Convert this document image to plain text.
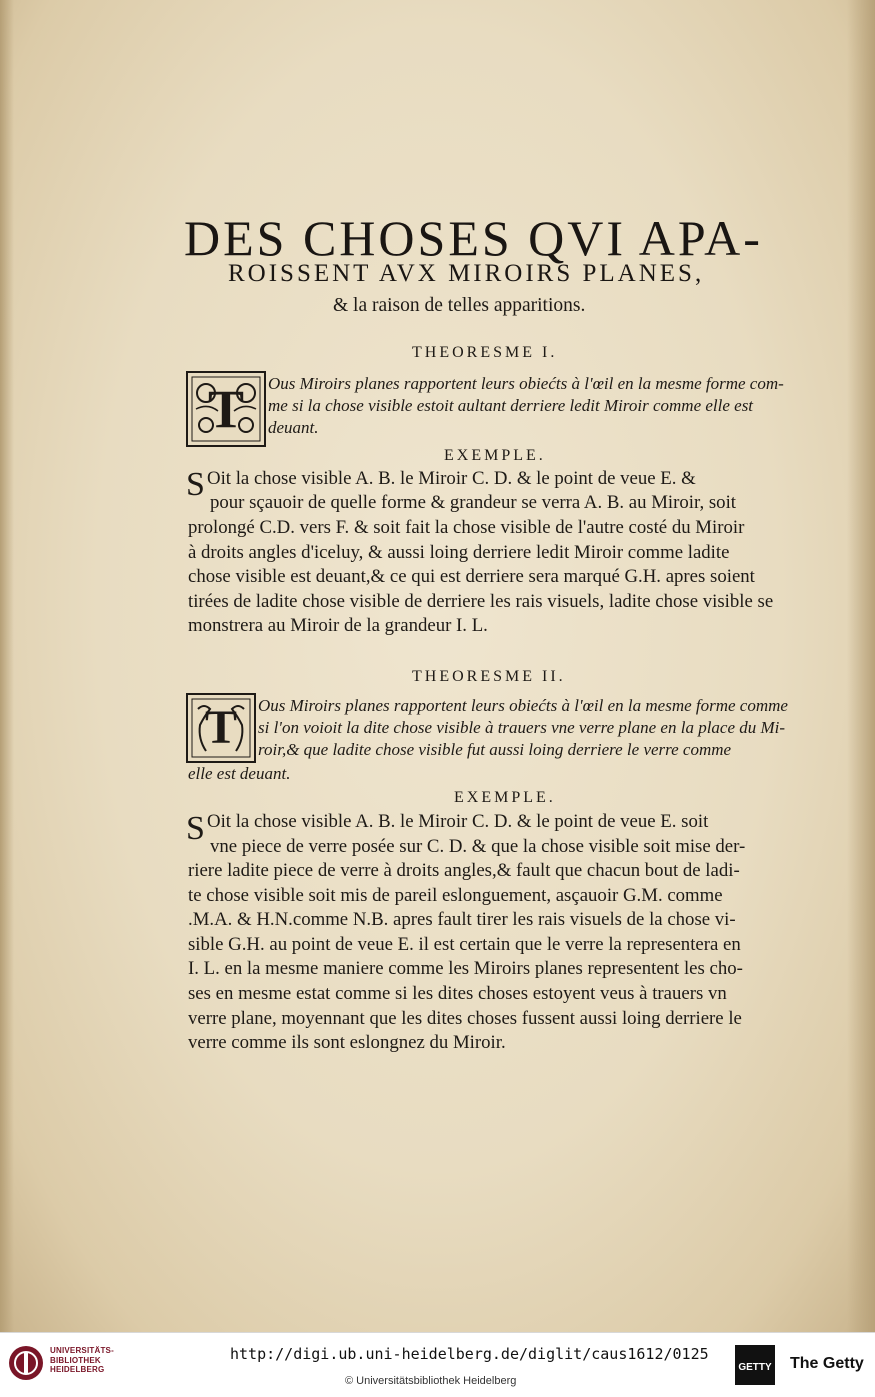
DES CHOSES QVI APA-
ROISSENT AVX MIROIRS PLANES,
& la raison de telles apparitions.
THEORESME I.
T Ous Miroirs planes rapportent leurs obiećts à l'œil en la mesme forme com-
me si la chose visible estoit aultant derriere ledit Miroir comme elle est
deuant.
EXEMPLE.
S Oit la chose visible A. B. le Miroir C. D. & le point de veue E. &
pour sçauoir de quelle forme & grandeur se verra A. B. au Miroir, soit
prolongé C.D. vers F. & soit fait la chose visible de l'autre costé du Miroir
à droits angles d'iceluy, & aussi loing derriere ledit Miroir comme ladite
chose visible est deuant,& ce qui est derriere sera marqué G.H. apres soient
tirées de ladite chose visible de derriere les rais visuels, ladite chose visible se
monstrera au Miroir de la grandeur I. L.
THEORESME II.
T Ous Miroirs planes rapportent leurs obiećts à l'œil en la mesme forme comme
si l'on voioit la dite chose visible à trauers vne verre plane en la place du Mi-
roir,& que ladite chose visible fut aussi loing derriere le verre comme
elle est deuant.
EXEMPLE.
S Oit la chose visible A. B. le Miroir C. D. & le point de veue E. soit
vne piece de verre posée sur C. D. & que la chose visible soit mise der-
riere ladite piece de verre à droits angles,& fault que chacun bout de ladi-
te chose visible soit mis de pareil eslonguement, asçauoir G.M. comme
.M.A. & H.N.comme N.B. apres fault tirer les rais visuels de la chose vi-
sible G.H. au point de veue E. il est certain que le verre la representera en
I. L. en la mesme maniere comme les Miroirs planes representent les cho-
ses en mesme estat comme si les dites choses estoyent veus à trauers vn
verre plane, moyennant que les dites choses fussent aussi loing derriere le
verre comme ils sont eslongnez du Miroir.
UNIVERSITÄTS-
BIBLIOTHEK
HEIDELBERG
http://digi.ub.uni-heidelberg.de/diglit/caus1612/0125
© Universitätsbibliothek Heidelberg
GETTY The Getty
